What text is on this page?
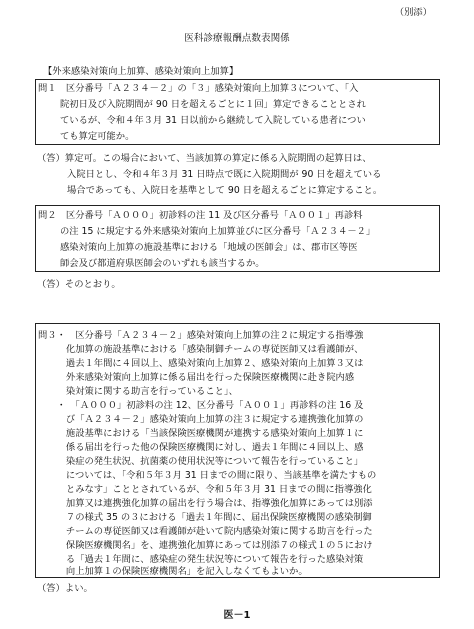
（別添）
医科診療報酬点数表関係
【外来感染対策向上加算、感染対策向上加算】
問１　区分番号「Ａ２３４－２」の「３」感染対策向上加算３について、「入
院初日及び入院期間が 90 日を超えるごとに１回」算定できることとされ
ているが、令和４年３月 31 日以前から継続して入院している患者につい
ても算定可能か。
（答）算定可。この場合において、当該加算の算定に係る入院期間の起算日は、
入院日とし、令和４年３月 31 日時点で既に入院期間が 90 日を超えている
場合であっても、入院日を基準として 90 日を超えるごとに算定すること。
問２　区分番号「Ａ０００」初診料の注 11 及び区分番号「Ａ００１」再診料
の注 15 に規定する外来感染対策向上加算並びに区分番号「Ａ２３４－２」
感染対策向上加算の施設基準における「地域の医師会」は、郡市区等医
師会及び都道府県医師会のいずれも該当するか。
（答）そのとおり。
問３・　区分番号「Ａ２３４－２」感染対策向上加算の注２に規定する指導強
　　　化加算の施設基準における「感染制御チームの専従医師又は看護師が、
　　　過去１年間に４回以上、感染対策向上加算２、感染対策向上加算３又は
　　　外来感染対策向上加算に係る届出を行った保険医療機関に赴き院内感
　　　染対策に関する助言を行っていること」、
　　・　「Ａ０００」初診料の注 12、区分番号「Ａ００１」再診料の注 16 及
　　　び「Ａ２３４－２」感染対策向上加算の注３に規定する連携強化加算の
　　　施設基準における「当該保険医療機関が連携する感染対策向上加算１に
　　　係る届出を行った他の保険医療機関に対し、過去１年間に４回以上、感
　　　染症の発生状況、抗菌薬の使用状況等について報告を行っていること」
　　　については、「令和５年３月 31 日までの間に限り、当該基準を満たすもの
　　　とみなす」こととされているが、令和５年３月 31 日までの間に指導強化
　　　加算又は連携強化加算の届出を行う場合は、指導強化加算にあっては別添
　　　７の様式 35 の３における「過去１年間に、届出保険医療機関の感染制御
　　　チームの専従医師又は看護師が赴いて院内感染対策に関する助言を行った
　　　保険医療機関名」を、連携強化加算にあっては別添７の様式１の５におけ
　　　る「過去１年間に、感染症の発生状況等について報告を行った感染対策
　　　向上加算１の保険医療機関名」を記入しなくてもよいか。
（答）よい。
医－1
